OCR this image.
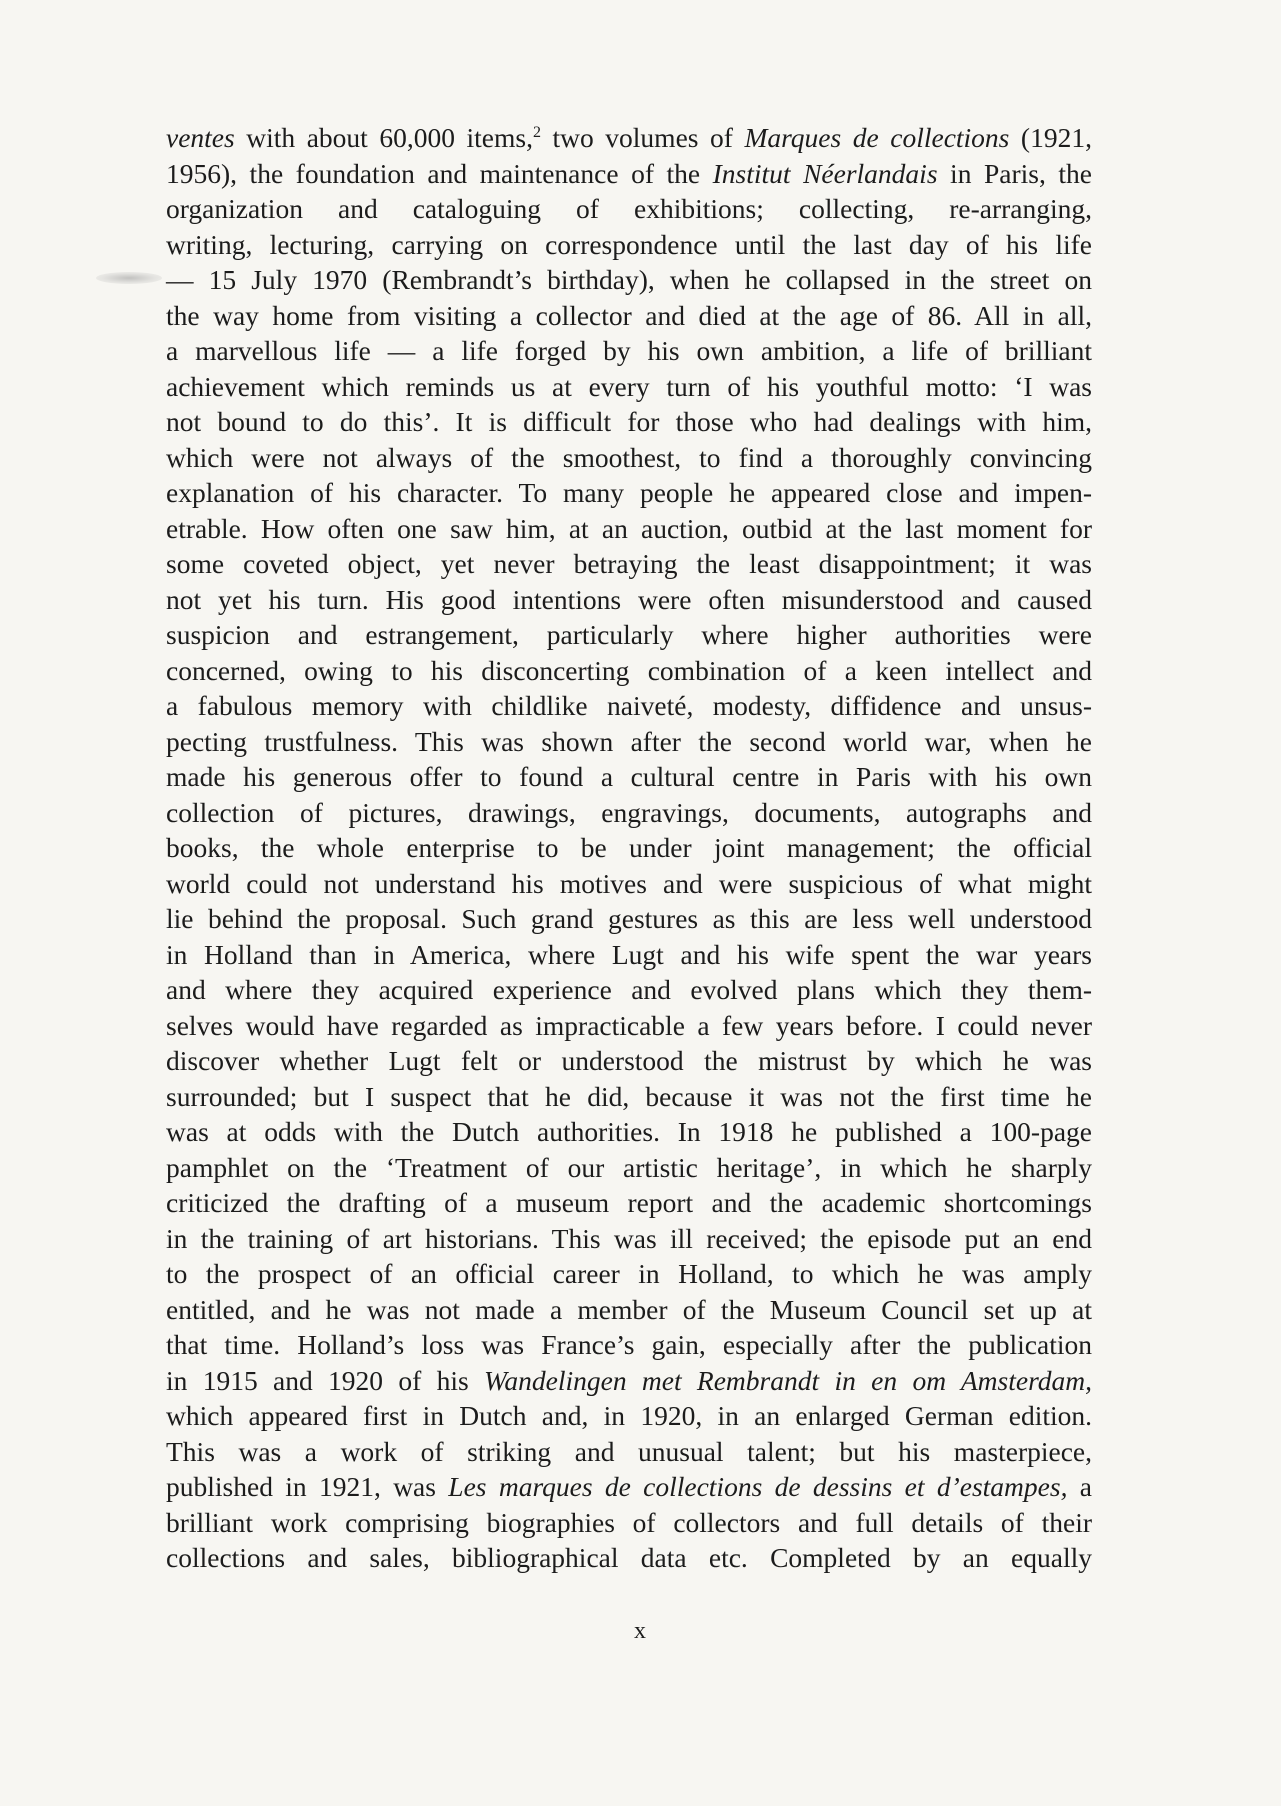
ventes with about 60,000 items,$^2$ two volumes of Marques de collections (1921,
1956), the foundation and maintenance of the Institut Néerlandais in Paris, the
organization and cataloguing of exhibitions; collecting, re-arranging,
writing, lecturing, carrying on correspondence until the last day of his life
— 15 July 1970 (Rembrandt’s birthday), when he collapsed in the street on
the way home from visiting a collector and died at the age of 86. All in all,
a marvellous life — a life forged by his own ambition, a life of brilliant
achievement which reminds us at every turn of his youthful motto: ‘I was
not bound to do this’. It is difficult for those who had dealings with him,
which were not always of the smoothest, to find a thoroughly convincing
explanation of his character. To many people he appeared close and impen-
etrable. How often one saw him, at an auction, outbid at the last moment for
some coveted object, yet never betraying the least disappointment; it was
not yet his turn. His good intentions were often misunderstood and caused
suspicion and estrangement, particularly where higher authorities were
concerned, owing to his disconcerting combination of a keen intellect and
a fabulous memory with childlike naiveté, modesty, diffidence and unsus-
pecting trustfulness. This was shown after the second world war, when he
made his generous offer to found a cultural centre in Paris with his own
collection of pictures, drawings, engravings, documents, autographs and
books, the whole enterprise to be under joint management; the official
world could not understand his motives and were suspicious of what might
lie behind the proposal. Such grand gestures as this are less well understood
in Holland than in America, where Lugt and his wife spent the war years
and where they acquired experience and evolved plans which they them-
selves would have regarded as impracticable a few years before. I could never
discover whether Lugt felt or understood the mistrust by which he was
surrounded; but I suspect that he did, because it was not the first time he
was at odds with the Dutch authorities. In 1918 he published a 100-page
pamphlet on the ‘Treatment of our artistic heritage’, in which he sharply
criticized the drafting of a museum report and the academic shortcomings
in the training of art historians. This was ill received; the episode put an end
to the prospect of an official career in Holland, to which he was amply
entitled, and he was not made a member of the Museum Council set up at
that time. Holland’s loss was France’s gain, especially after the publication
in 1915 and 1920 of his Wandelingen met Rembrandt in en om Amsterdam,
which appeared first in Dutch and, in 1920, in an enlarged German edition.
This was a work of striking and unusual talent; but his masterpiece,
published in 1921, was Les marques de collections de dessins et d’estampes, a
brilliant work comprising biographies of collectors and full details of their
collections and sales, bibliographical data etc. Completed by an equally
x
